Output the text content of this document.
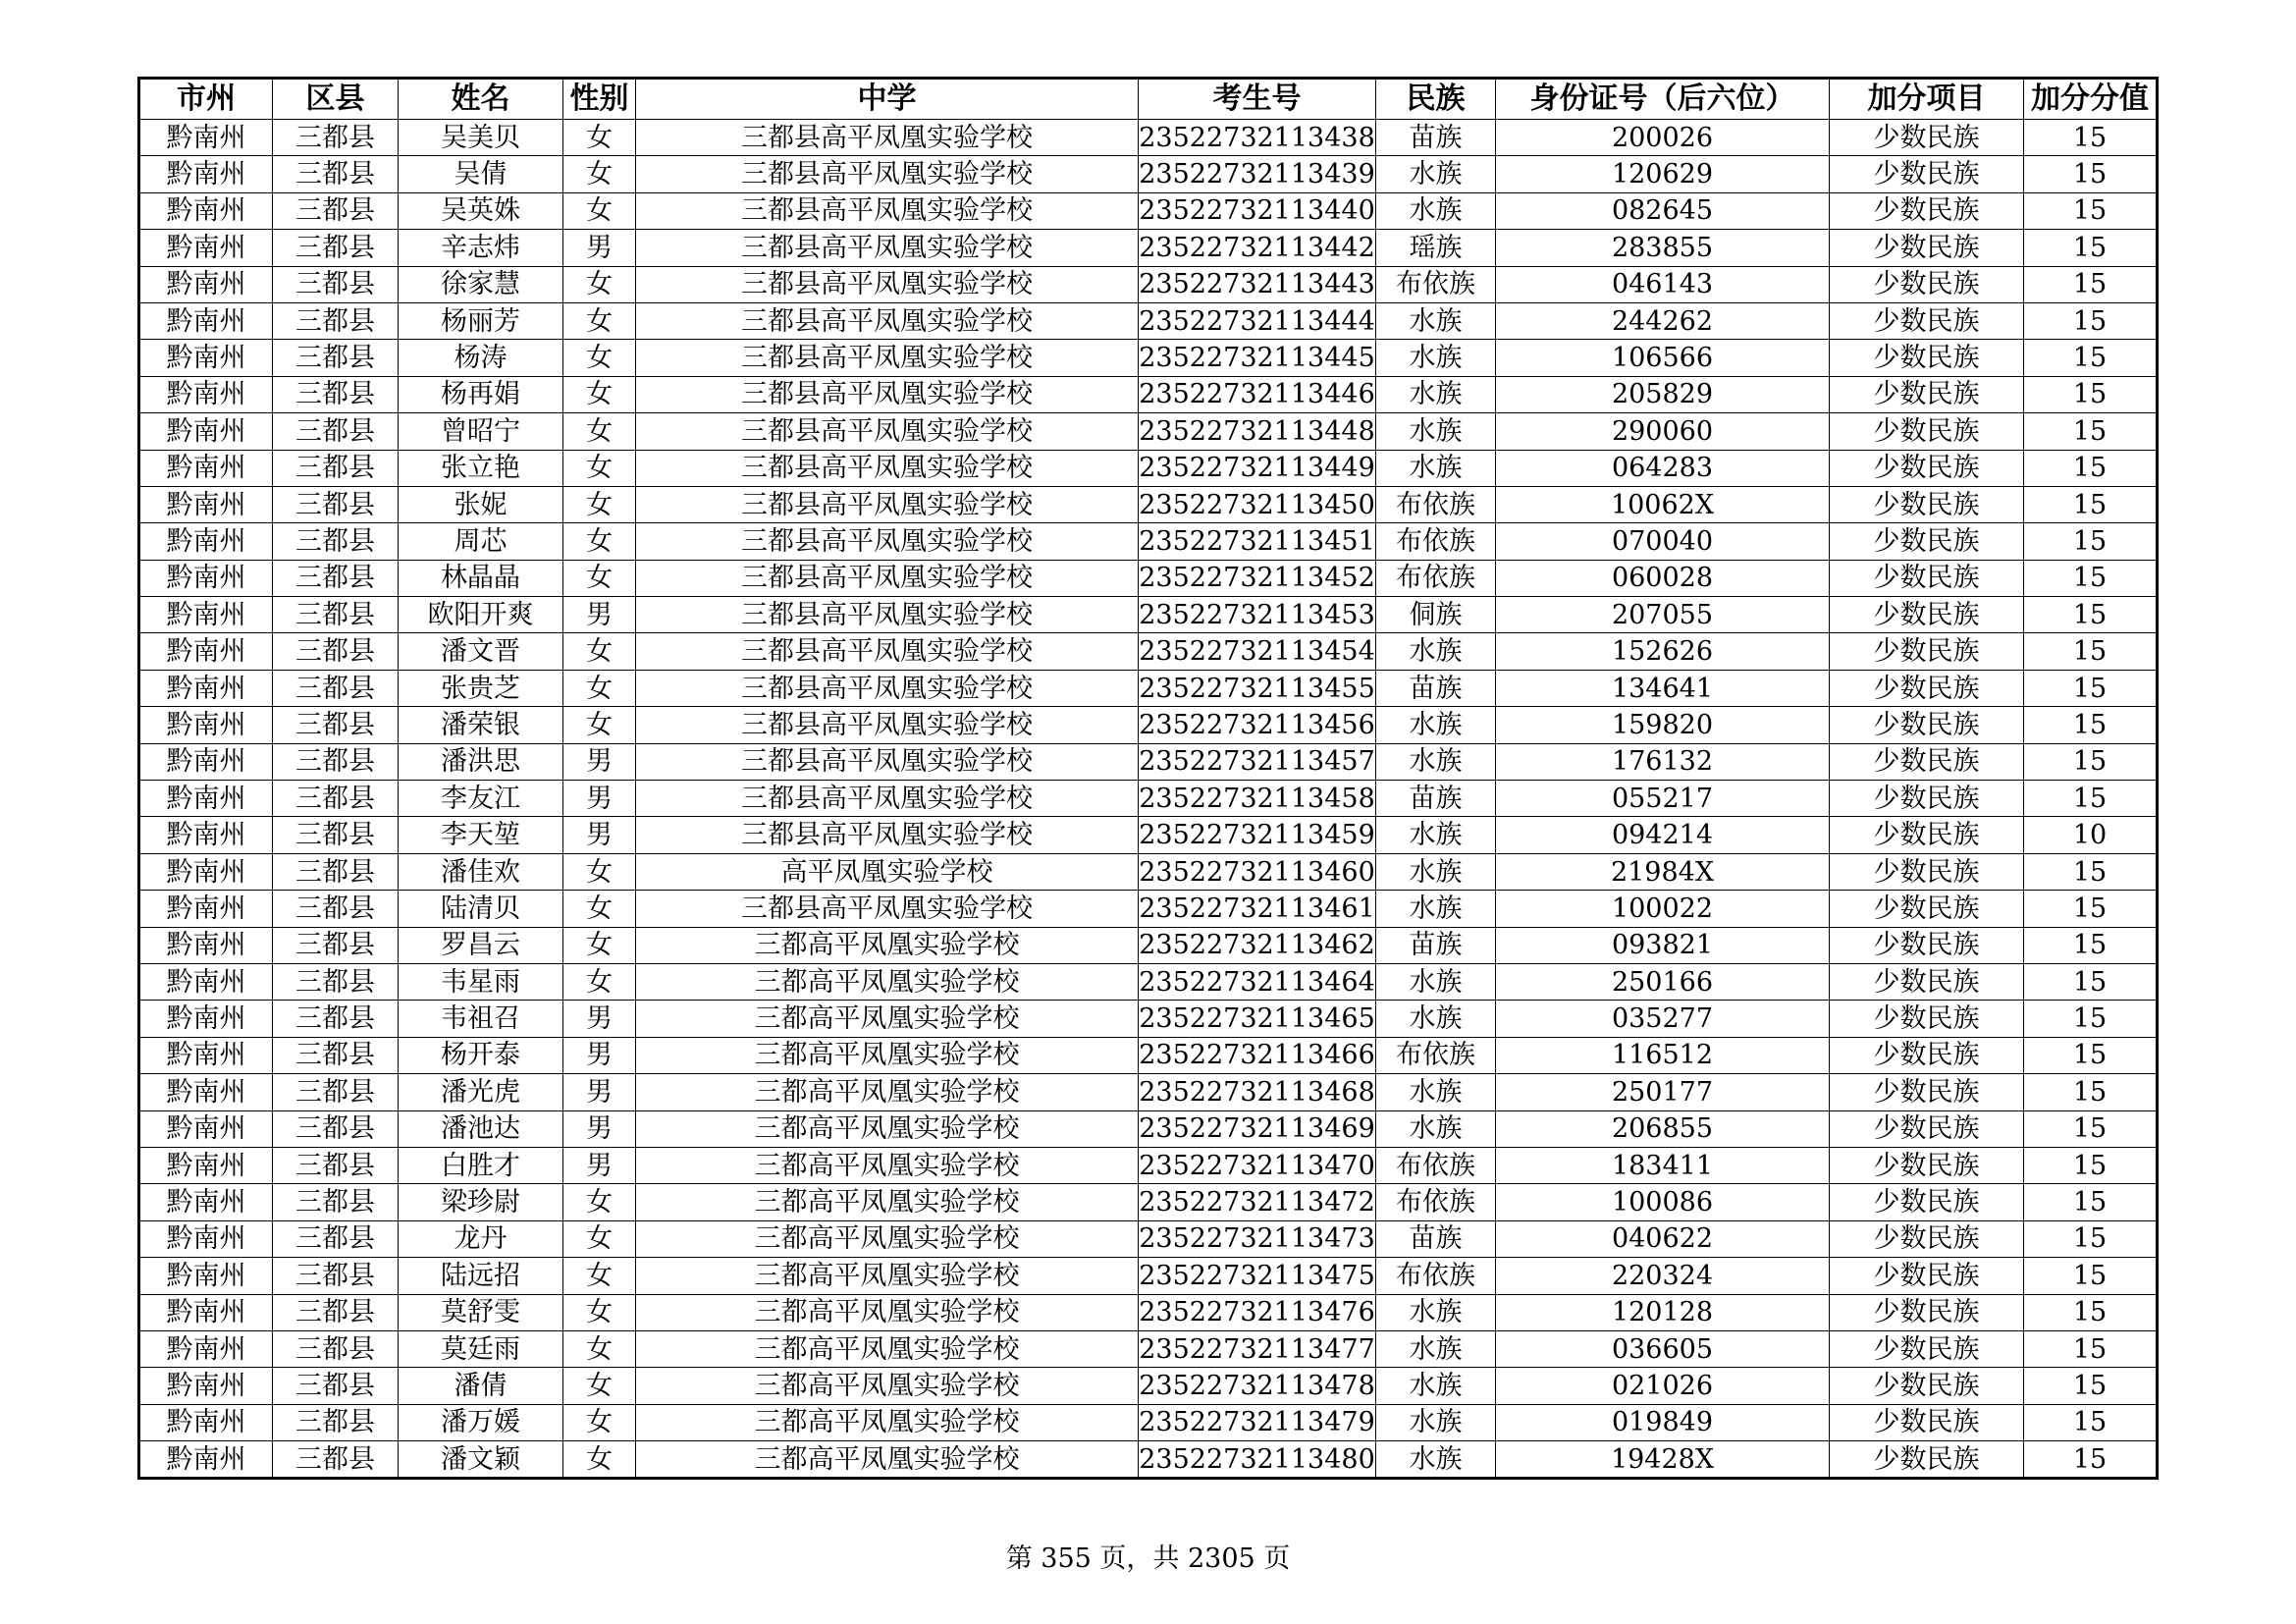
市州	区县	姓名	性别	中学	考生号	民族	身份证号（后六位）	加分项目	加分分值
黔南州	三都县	吴美贝	女	三都县高平凤凰实验学校	23522732113438	苗族	200026	少数民族	15
黔南州	三都县	吴倩	女	三都县高平凤凰实验学校	23522732113439	水族	120629	少数民族	15
黔南州	三都县	吴英姝	女	三都县高平凤凰实验学校	23522732113440	水族	082645	少数民族	15
黔南州	三都县	辛志炜	男	三都县高平凤凰实验学校	23522732113442	瑶族	283855	少数民族	15
黔南州	三都县	徐家慧	女	三都县高平凤凰实验学校	23522732113443	布依族	046143	少数民族	15
黔南州	三都县	杨丽芳	女	三都县高平凤凰实验学校	23522732113444	水族	244262	少数民族	15
黔南州	三都县	杨涛	女	三都县高平凤凰实验学校	23522732113445	水族	106566	少数民族	15
黔南州	三都县	杨再娟	女	三都县高平凤凰实验学校	23522732113446	水族	205829	少数民族	15
黔南州	三都县	曾昭宁	女	三都县高平凤凰实验学校	23522732113448	水族	290060	少数民族	15
黔南州	三都县	张立艳	女	三都县高平凤凰实验学校	23522732113449	水族	064283	少数民族	15
黔南州	三都县	张妮	女	三都县高平凤凰实验学校	23522732113450	布依族	10062X	少数民族	15
黔南州	三都县	周芯	女	三都县高平凤凰实验学校	23522732113451	布依族	070040	少数民族	15
黔南州	三都县	林晶晶	女	三都县高平凤凰实验学校	23522732113452	布依族	060028	少数民族	15
黔南州	三都县	欧阳开爽	男	三都县高平凤凰实验学校	23522732113453	侗族	207055	少数民族	15
黔南州	三都县	潘文晋	女	三都县高平凤凰实验学校	23522732113454	水族	152626	少数民族	15
黔南州	三都县	张贵芝	女	三都县高平凤凰实验学校	23522732113455	苗族	134641	少数民族	15
黔南州	三都县	潘荣银	女	三都县高平凤凰实验学校	23522732113456	水族	159820	少数民族	15
黔南州	三都县	潘洪思	男	三都县高平凤凰实验学校	23522732113457	水族	176132	少数民族	15
黔南州	三都县	李友江	男	三都县高平凤凰实验学校	23522732113458	苗族	055217	少数民族	15
黔南州	三都县	李天堃	男	三都县高平凤凰实验学校	23522732113459	水族	094214	少数民族	10
黔南州	三都县	潘佳欢	女	高平凤凰实验学校	23522732113460	水族	21984X	少数民族	15
黔南州	三都县	陆清贝	女	三都县高平凤凰实验学校	23522732113461	水族	100022	少数民族	15
黔南州	三都县	罗昌云	女	三都高平凤凰实验学校	23522732113462	苗族	093821	少数民族	15
黔南州	三都县	韦星雨	女	三都高平凤凰实验学校	23522732113464	水族	250166	少数民族	15
黔南州	三都县	韦祖召	男	三都高平凤凰实验学校	23522732113465	水族	035277	少数民族	15
黔南州	三都县	杨开泰	男	三都高平凤凰实验学校	23522732113466	布依族	116512	少数民族	15
黔南州	三都县	潘光虎	男	三都高平凤凰实验学校	23522732113468	水族	250177	少数民族	15
黔南州	三都县	潘池达	男	三都高平凤凰实验学校	23522732113469	水族	206855	少数民族	15
黔南州	三都县	白胜才	男	三都高平凤凰实验学校	23522732113470	布依族	183411	少数民族	15
黔南州	三都县	梁珍尉	女	三都高平凤凰实验学校	23522732113472	布依族	100086	少数民族	15
黔南州	三都县	龙丹	女	三都高平凤凰实验学校	23522732113473	苗族	040622	少数民族	15
黔南州	三都县	陆远招	女	三都高平凤凰实验学校	23522732113475	布依族	220324	少数民族	15
黔南州	三都县	莫舒雯	女	三都高平凤凰实验学校	23522732113476	水族	120128	少数民族	15
黔南州	三都县	莫廷雨	女	三都高平凤凰实验学校	23522732113477	水族	036605	少数民族	15
黔南州	三都县	潘倩	女	三都高平凤凰实验学校	23522732113478	水族	021026	少数民族	15
黔南州	三都县	潘万媛	女	三都高平凤凰实验学校	23522732113479	水族	019849	少数民族	15
黔南州	三都县	潘文颖	女	三都高平凤凰实验学校	23522732113480	水族	19428X	少数民族	15
第 355 页，共 2305 页
